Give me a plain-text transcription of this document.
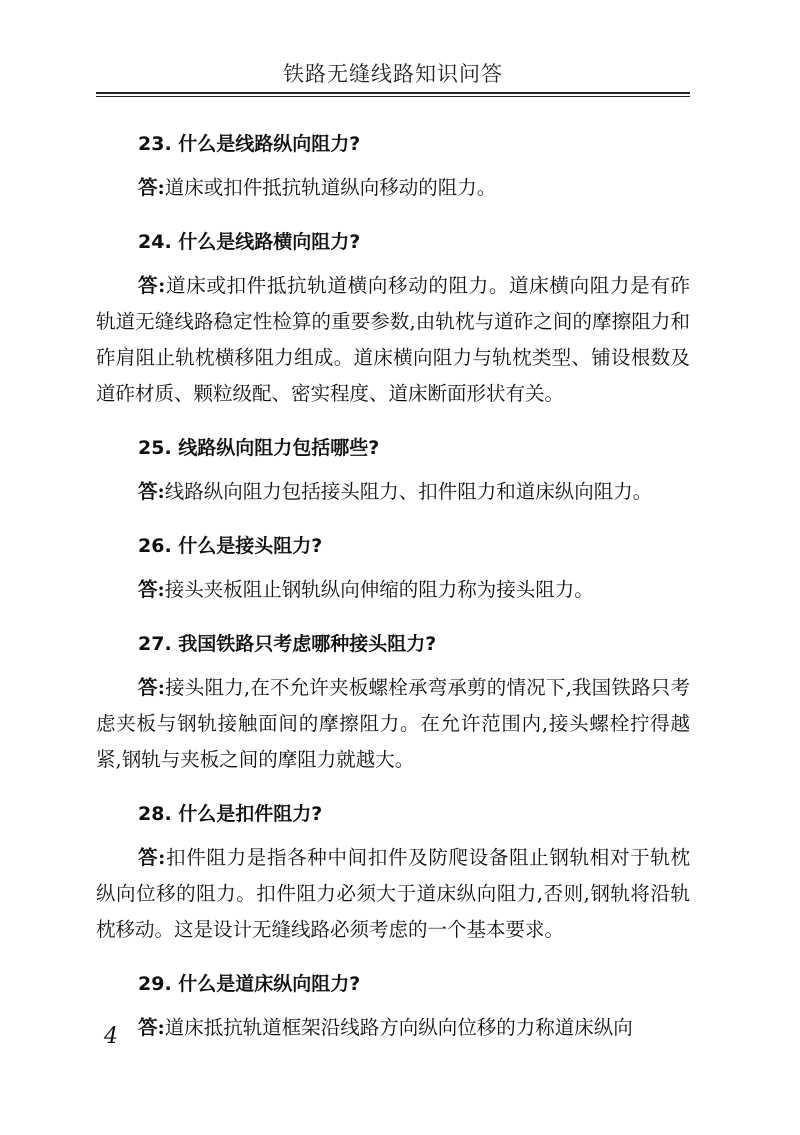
铁路无缝线路知识问答

23. 什么是线路纵向阻力?

答:道床或扣件抵抗轨道纵向移动的阻力。

24. 什么是线路横向阻力?

答:道床或扣件抵抗轨道横向移动的阻力。道床横向阻力是有砟轨道无缝线路稳定性检算的重要参数,由轨枕与道砟之间的摩擦阻力和砟肩阻止轨枕横移阻力组成。道床横向阻力与轨枕类型、铺设根数及道砟材质、颗粒级配、密实程度、道床断面形状有关。

25. 线路纵向阻力包括哪些?

答:线路纵向阻力包括接头阻力、扣件阻力和道床纵向阻力。

26. 什么是接头阻力?

答:接头夹板阻止钢轨纵向伸缩的阻力称为接头阻力。

27. 我国铁路只考虑哪种接头阻力?

答:接头阻力,在不允许夹板螺栓承弯承剪的情况下,我国铁路只考虑夹板与钢轨接触面间的摩擦阻力。在允许范围内,接头螺栓拧得越紧,钢轨与夹板之间的摩阻力就越大。

28. 什么是扣件阻力?

答:扣件阻力是指各种中间扣件及防爬设备阻止钢轨相对于轨枕纵向位移的阻力。扣件阻力必须大于道床纵向阻力,否则,钢轨将沿轨枕移动。这是设计无缝线路必须考虑的一个基本要求。

29. 什么是道床纵向阻力?

答:道床抵抗轨道框架沿线路方向纵向位移的力称道床纵向

4
